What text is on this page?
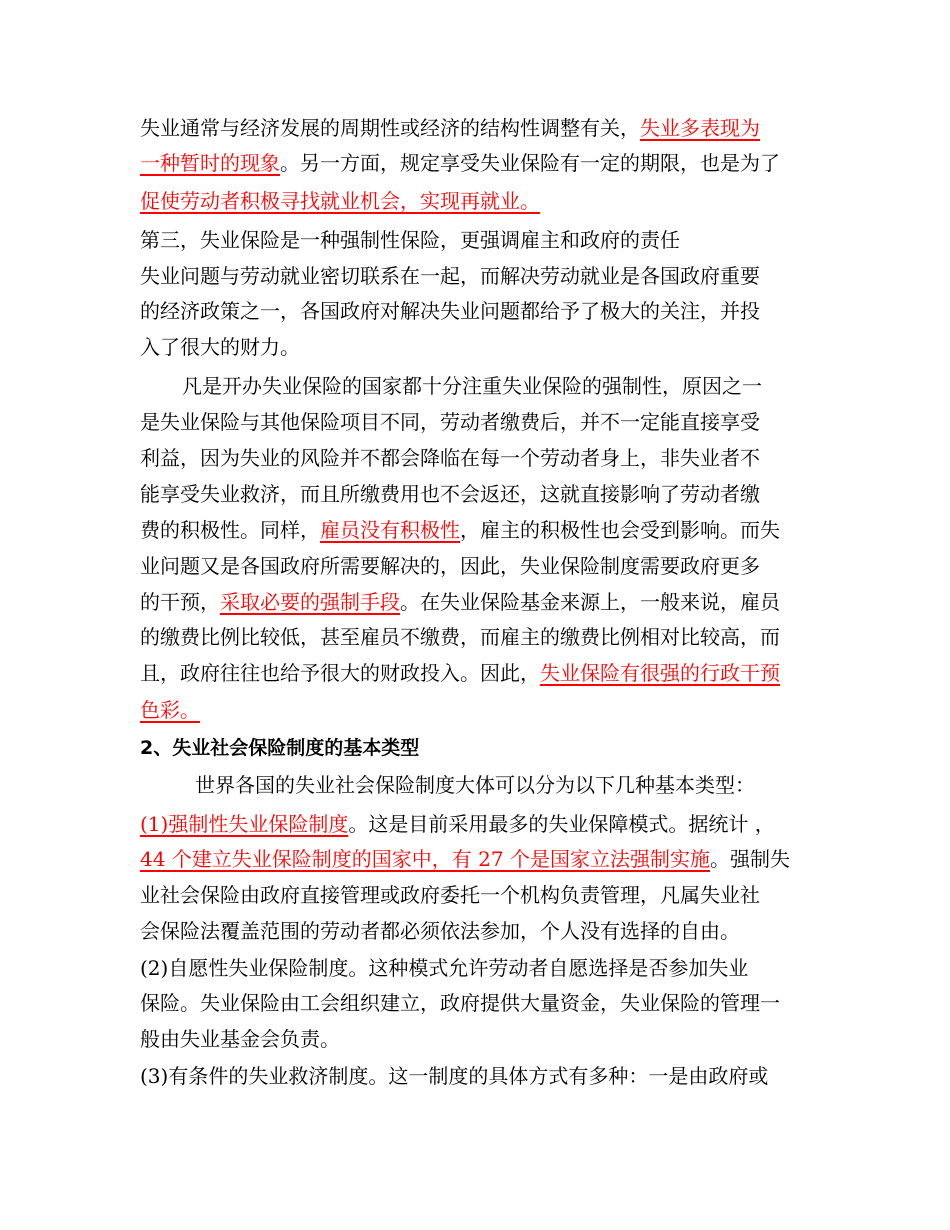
失业通常与经济发展的周期性或经济的结构性调整有关，失业多表现为
一种暂时的现象。另一方面，规定享受失业保险有一定的期限，也是为了
促使劳动者积极寻找就业机会，实现再就业。
第三，失业保险是一种强制性保险，更强调雇主和政府的责任
失业问题与劳动就业密切联系在一起，而解决劳动就业是各国政府重要
的经济政策之一，各国政府对解决失业问题都给予了极大的关注，并投
入了很大的财力。
凡是开办失业保险的国家都十分注重失业保险的强制性，原因之一
是失业保险与其他保险项目不同，劳动者缴费后，并不一定能直接享受
利益，因为失业的风险并不都会降临在每一个劳动者身上，非失业者不
能享受失业救济，而且所缴费用也不会返还，这就直接影响了劳动者缴
费的积极性。同样，雇员没有积极性，雇主的积极性也会受到影响。而失
业问题又是各国政府所需要解决的，因此，失业保险制度需要政府更多
的干预，采取必要的强制手段。在失业保险基金来源上，一般来说，雇员
的缴费比例比较低，甚至雇员不缴费，而雇主的缴费比例相对比较高，而
且，政府往往也给予很大的财政投入。因此，失业保险有很强的行政干预
色彩。
2、失业社会保险制度的基本类型
世界各国的失业社会保险制度大体可以分为以下几种基本类型：
(1)强制性失业保险制度。这是目前采用最多的失业保障模式。据统计 ，
44 个建立失业保险制度的国家中，有 27 个是国家立法强制实施。强制失
业社会保险由政府直接管理或政府委托一个机构负责管理，凡属失业社
会保险法覆盖范围的劳动者都必须依法参加，个人没有选择的自由。
(2)自愿性失业保险制度。这种模式允许劳动者自愿选择是否参加失业
保险。失业保险由工会组织建立，政府提供大量资金，失业保险的管理一
般由失业基金会负责。
(3)有条件的失业救济制度。这一制度的具体方式有多种：一是由政府或
